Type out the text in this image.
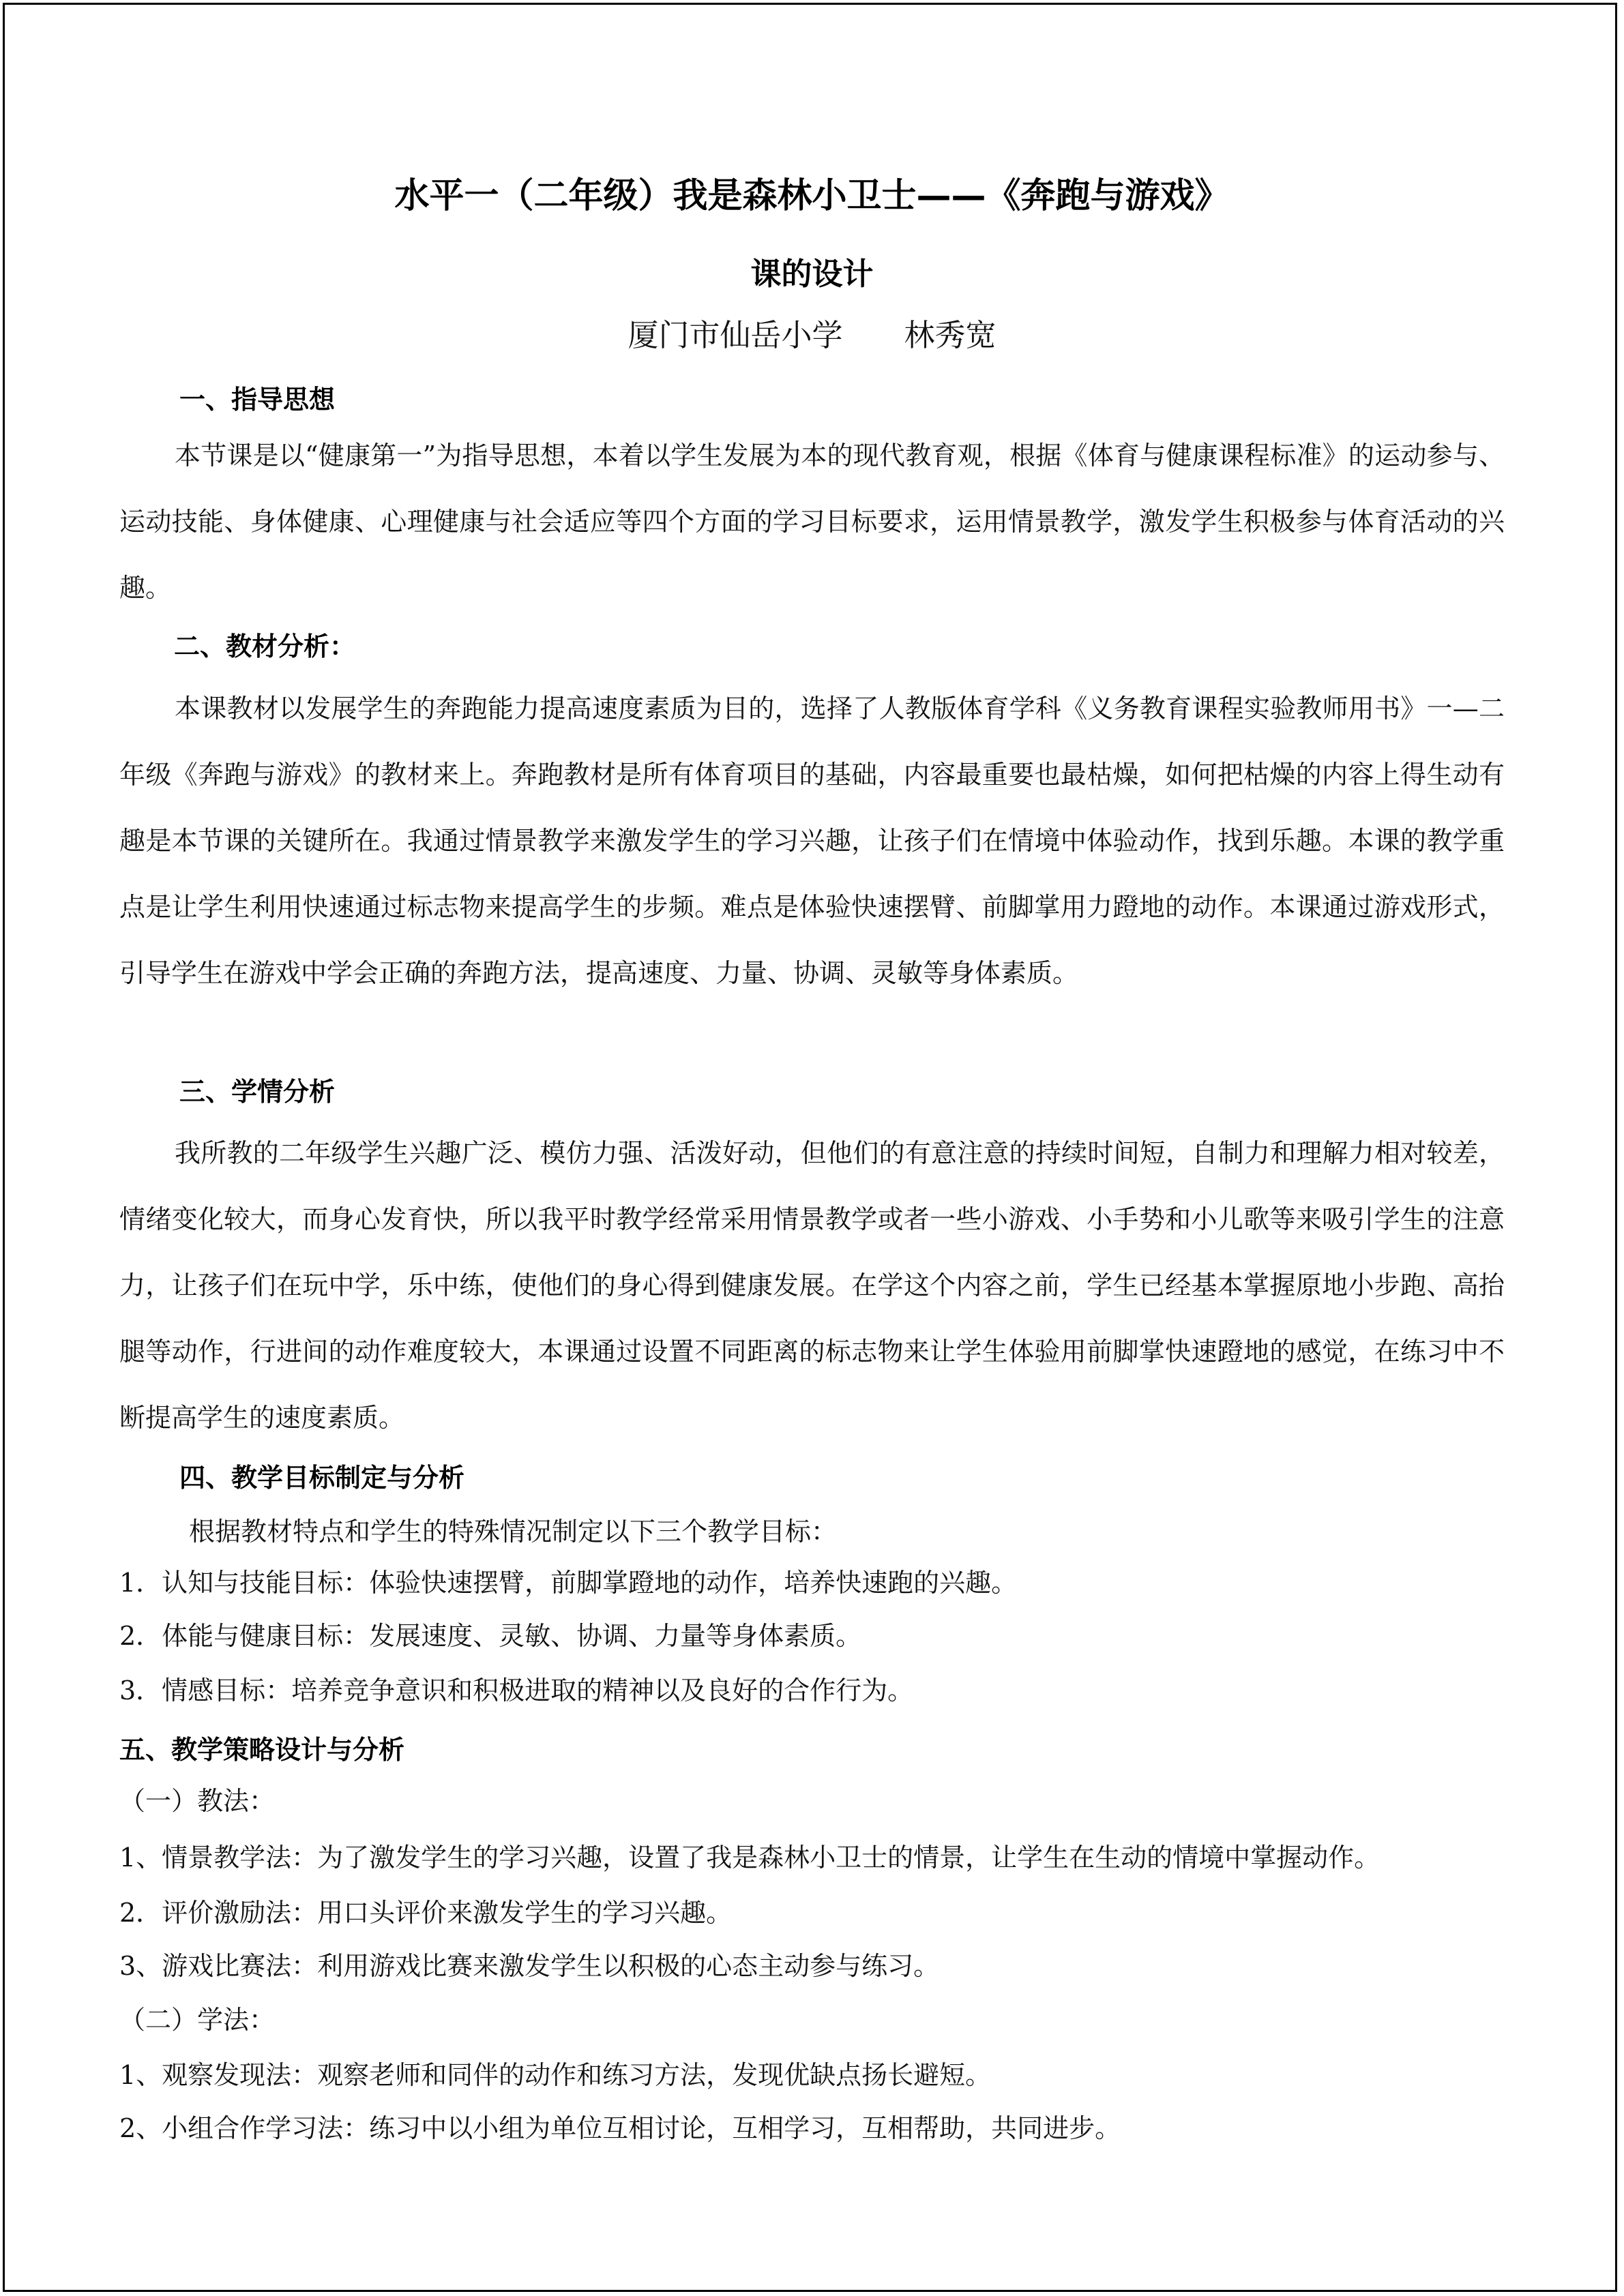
水平一（二年级）我是森林小卫士——《奔跑与游戏》
课的设计
厦门市仙岳小学　　林秀宽
一、指导思想
本节课是以“健康第一”为指导思想，本着以学生发展为本的现代教育观，根据《体育与健康课程标准》的运动参与、运动技能、身体健康、心理健康与社会适应等四个方面的学习目标要求，运用情景教学，激发学生积极参与体育活动的兴趣。
二、教材分析：
本课教材以发展学生的奔跑能力提高速度素质为目的，选择了人教版体育学科《义务教育课程实验教师用书》一—二年级《奔跑与游戏》的教材来上。奔跑教材是所有体育项目的基础，内容最重要也最枯燥，如何把枯燥的内容上得生动有趣是本节课的关键所在。我通过情景教学来激发学生的学习兴趣，让孩子们在情境中体验动作，找到乐趣。本课的教学重点是让学生利用快速通过标志物来提高学生的步频。难点是体验快速摆臂、前脚掌用力蹬地的动作。本课通过游戏形式，引导学生在游戏中学会正确的奔跑方法，提高速度、力量、协调、灵敏等身体素质。
三、学情分析
我所教的二年级学生兴趣广泛、模仿力强、活泼好动，但他们的有意注意的持续时间短，自制力和理解力相对较差，情绪变化较大，而身心发育快，所以我平时教学经常采用情景教学或者一些小游戏、小手势和小儿歌等来吸引学生的注意力，让孩子们在玩中学，乐中练，使他们的身心得到健康发展。在学这个内容之前，学生已经基本掌握原地小步跑、高抬腿等动作，行进间的动作难度较大，本课通过设置不同距离的标志物来让学生体验用前脚掌快速蹬地的感觉，在练习中不断提高学生的速度素质。
四、教学目标制定与分析
根据教材特点和学生的特殊情况制定以下三个教学目标：
1．认知与技能目标：体验快速摆臂，前脚掌蹬地的动作，培养快速跑的兴趣。
2．体能与健康目标：发展速度、灵敏、协调、力量等身体素质。
3．情感目标：培养竞争意识和积极进取的精神以及良好的合作行为。
五、教学策略设计与分析
（一）教法：
1、情景教学法：为了激发学生的学习兴趣，设置了我是森林小卫士的情景，让学生在生动的情境中掌握动作。
2．评价激励法：用口头评价来激发学生的学习兴趣。
3、游戏比赛法：利用游戏比赛来激发学生以积极的心态主动参与练习。
（二）学法：
1、观察发现法：观察老师和同伴的动作和练习方法，发现优缺点扬长避短。
2、小组合作学习法：练习中以小组为单位互相讨论，互相学习，互相帮助，共同进步。
